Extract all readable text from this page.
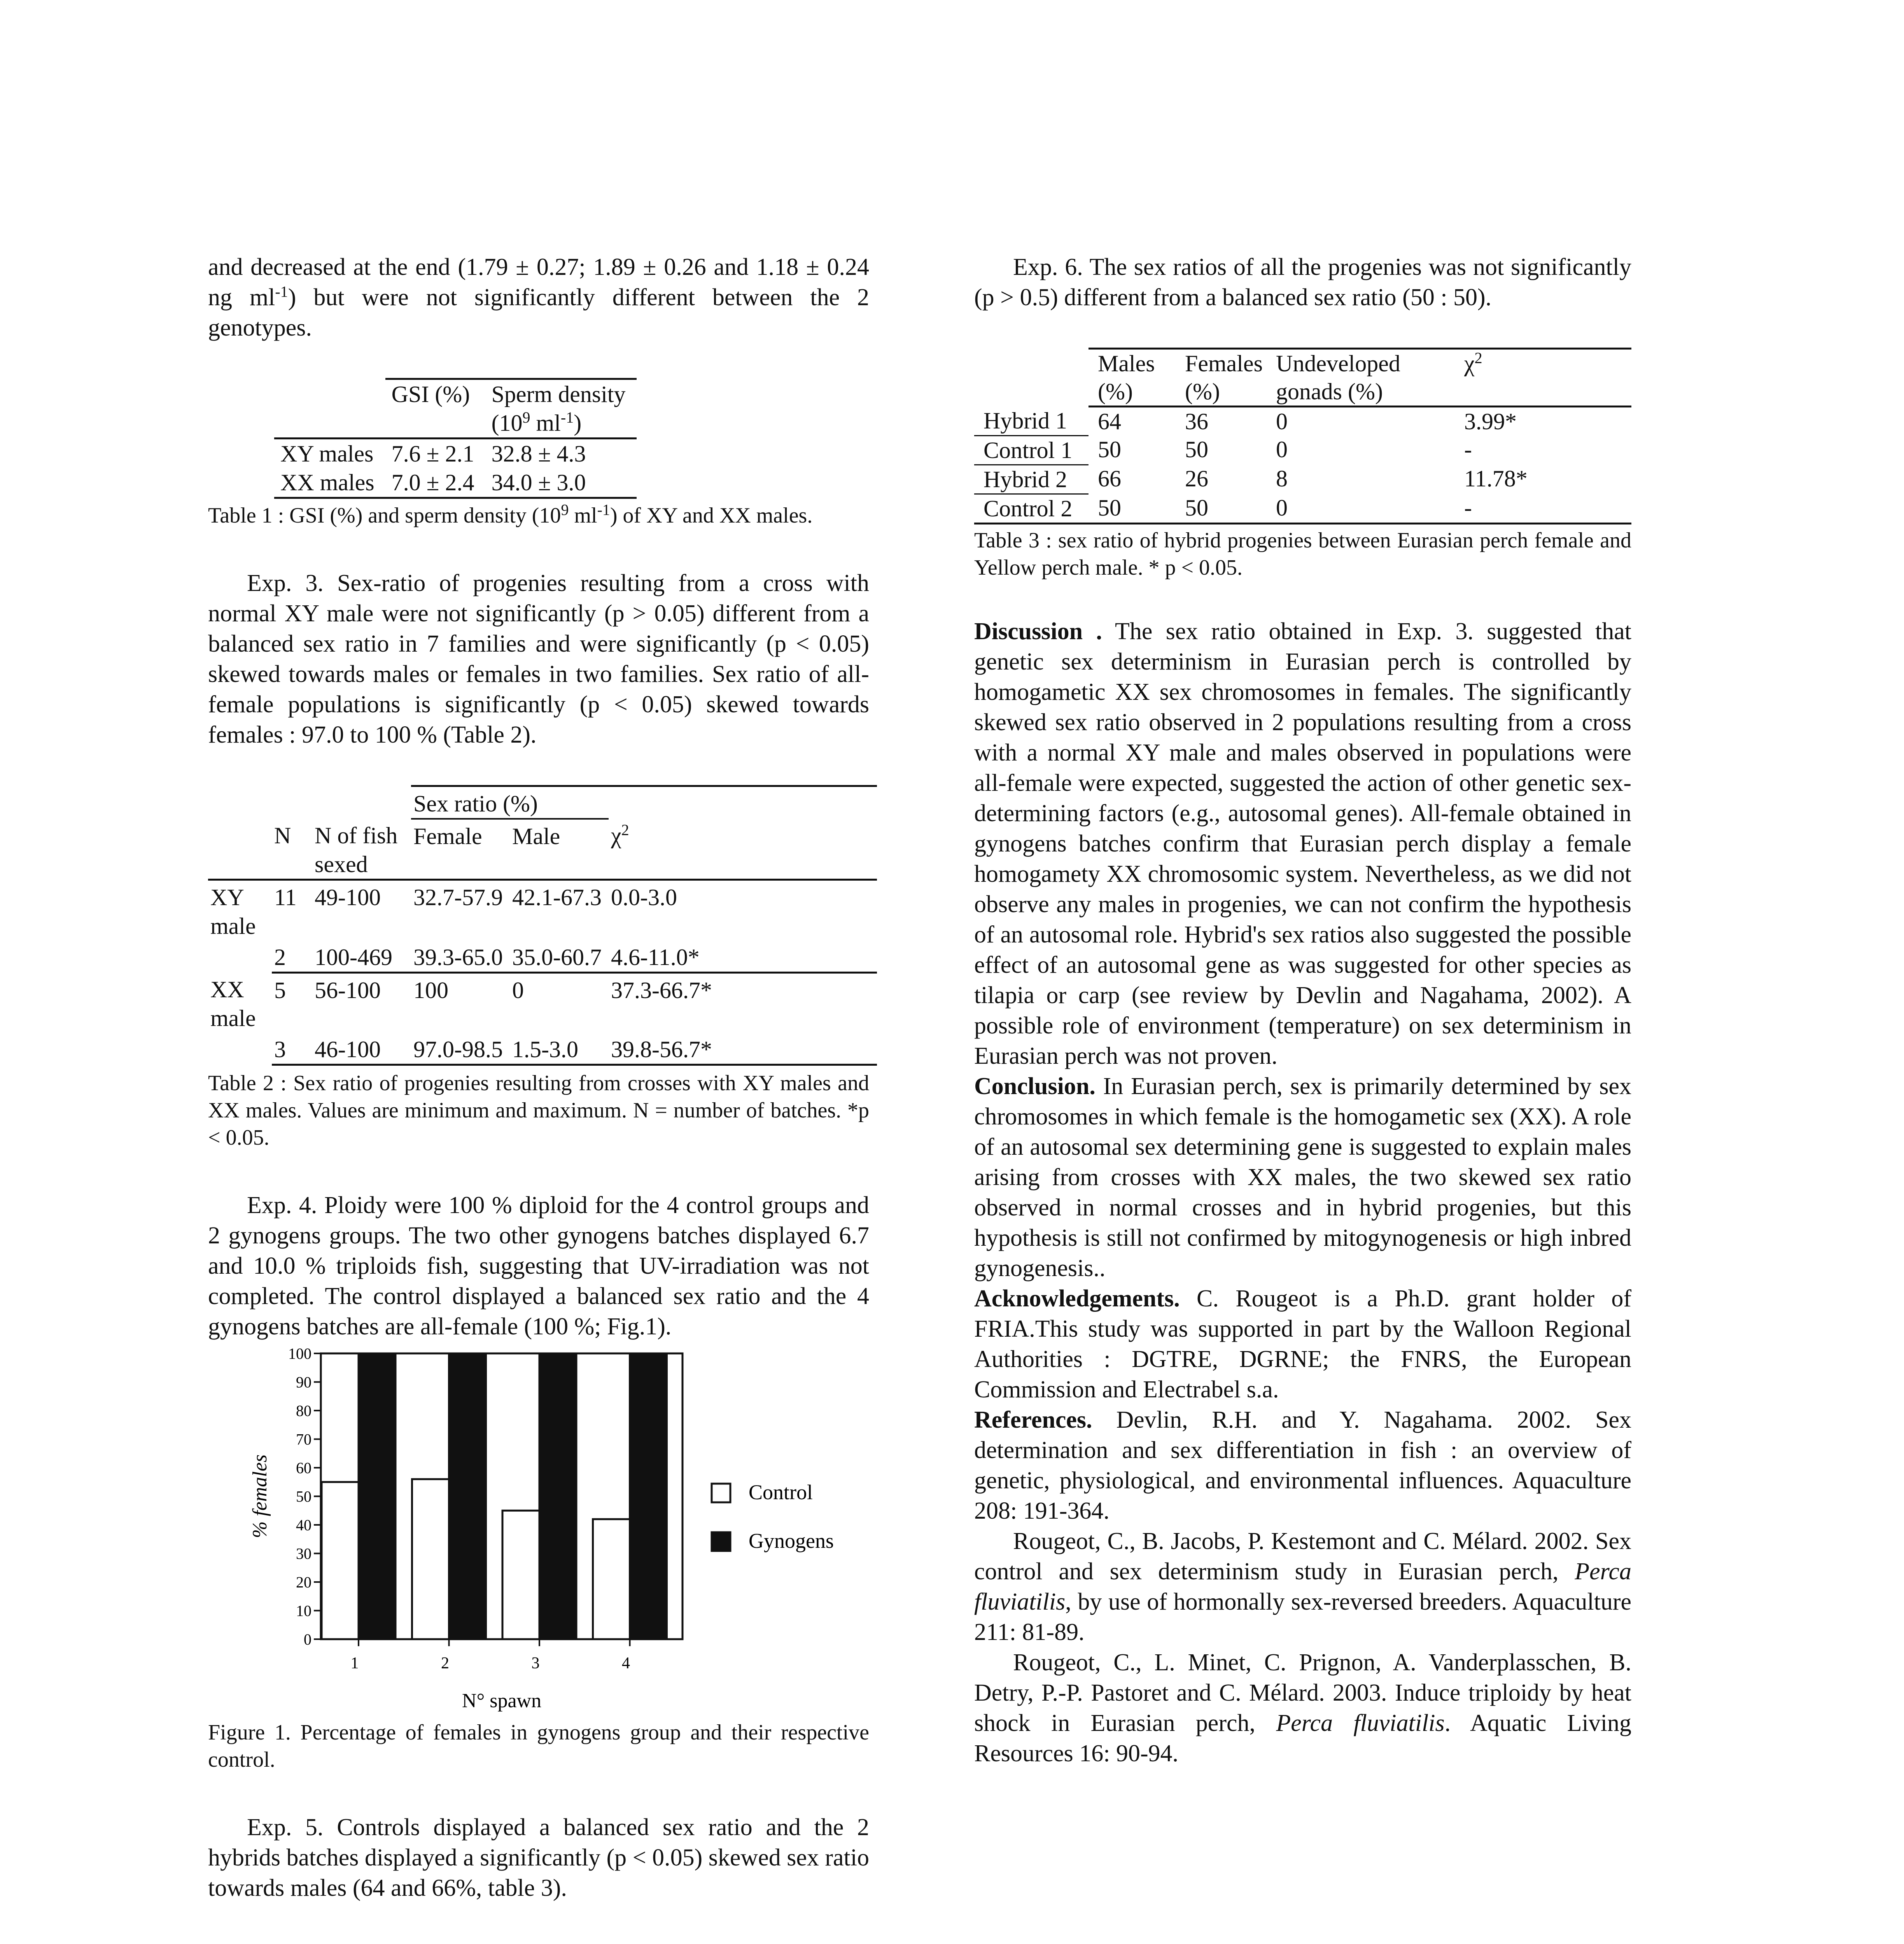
and decreased at the end (1.79 ± 0.27; 1.89 ± 0.26 and 1.18 ± 0.24 ng $ml^{-1}$) but were not significantly different between the 2 genotypes.

	GSI (%)	Sperm density
($10^9$ $ml^{-1}$)
XY males	7.6 ± 2.1	32.8 ± 4.3
XX males	7.0 ± 2.4	34.0 ± 3.0

Table 1 : GSI (%) and sperm density ($10^9$ $ml^{-1}$) of XY and XX males.

Exp. 3. Sex-ratio of progenies resulting from a cross with normal XY male were not significantly (p > 0.05) different from a balanced sex ratio in 7 families and were significantly (p < 0.05) skewed towards males or females in two families. Sex ratio of all-female populations is significantly (p < 0.05) skewed towards females : 97.0 to 100 % (Table 2).

			Sex ratio (%)		
	N	N of fish sexed	Female	Male	$\chi^2$
XY male	11	49-100	32.7-57.9	42.1-67.3	0.0-3.0
	2	100-469	39.3-65.0	35.0-60.7	4.6-11.0*
XX male	5	56-100	100	0	37.3-66.7*
	3	46-100	97.0-98.5	1.5-3.0	39.8-56.7*

Table 2 : Sex ratio of progenies resulting from crosses with XY males and XX males. Values are minimum and maximum. N = number of batches. *p < 0.05.

Exp. 4. Ploidy were 100 % diploid for the 4 control groups and 2 gynogens groups. The two other gynogens batches displayed 6.7 and 10.0 % triploids fish, suggesting that UV-irradiation was not completed. The control displayed a balanced sex ratio and the 4 gynogens batches are all-female (100 %; Fig.1).

0
10
20
30
40
50
60
70
80
90
100
% females
1	2	3	4
N° spawn
Control
Gynogens

Figure 1. Percentage of females in gynogens group and their respective control.

Exp. 5. Controls displayed a balanced sex ratio and the 2 hybrids batches displayed a significantly (p < 0.05) skewed sex ratio towards males (64 and 66%, table 3).

Exp. 6. The sex ratios of all the progenies was not significantly (p > 0.5) different from a balanced sex ratio (50 : 50).

	Males (%)	Females (%)	Undeveloped gonads (%)	$\chi^2$

Hybrid 1	64	36	0	3.99*
Control 1	50	50	0	-
Hybrid 2	66	26	8	11.78*
Control 2	50	50	0	-

Table 3 : sex ratio of hybrid progenies between Eurasian perch female and Yellow perch male. * p < 0.05.

Discussion . The sex ratio obtained in Exp. 3. suggested that genetic sex determinism in Eurasian perch is controlled by homogametic XX sex chromosomes in females. The significantly skewed sex ratio observed in 2 populations resulting from a cross with a normal XY male and males observed in populations were all-female were expected, suggested the action of other genetic sex-determining factors (e.g., autosomal genes). All-female obtained in gynogens batches confirm that Eurasian perch display a female homogamety XX chromosomic system. Nevertheless, as we did not observe any males in progenies, we can not confirm the hypothesis of an autosomal role. Hybrid's sex ratios also suggested the possible effect of an autosomal gene as was suggested for other species as tilapia or carp (see review by Devlin and Nagahama, 2002). A possible role of environment (temperature) on sex determinism in Eurasian perch was not proven.

Conclusion. In Eurasian perch, sex is primarily determined by sex chromosomes in which female is the homogametic sex (XX). A role of an autosomal sex determining gene is suggested to explain males arising from crosses with XX males, the two skewed sex ratio observed in normal crosses and in hybrid progenies, but this hypothesis is still not confirmed by mitogynogenesis or high inbred gynogenesis..

Acknowledgements. C. Rougeot is a Ph.D. grant holder of FRIA.This study was supported in part by the Walloon Regional Authorities : DGTRE, DGRNE; the FNRS, the European Commission and Electrabel s.a.

References. Devlin, R.H. and Y. Nagahama. 2002. Sex determination and sex differentiation in fish : an overview of genetic, physiological, and environmental influences. Aquaculture 208: 191-364.

Rougeot, C., B. Jacobs, P. Kestemont and C. Mélard. 2002. Sex control and sex determinism study in Eurasian perch, Perca fluviatilis, by use of hormonally sex-reversed breeders. Aquaculture 211: 81-89.

Rougeot, C., L. Minet, C. Prignon, A. Vanderplasschen, B. Detry, P.-P. Pastoret and C. Mélard. 2003. Induce triploidy by heat shock in Eurasian perch, Perca fluviatilis. Aquatic Living Resources 16: 90-94.
